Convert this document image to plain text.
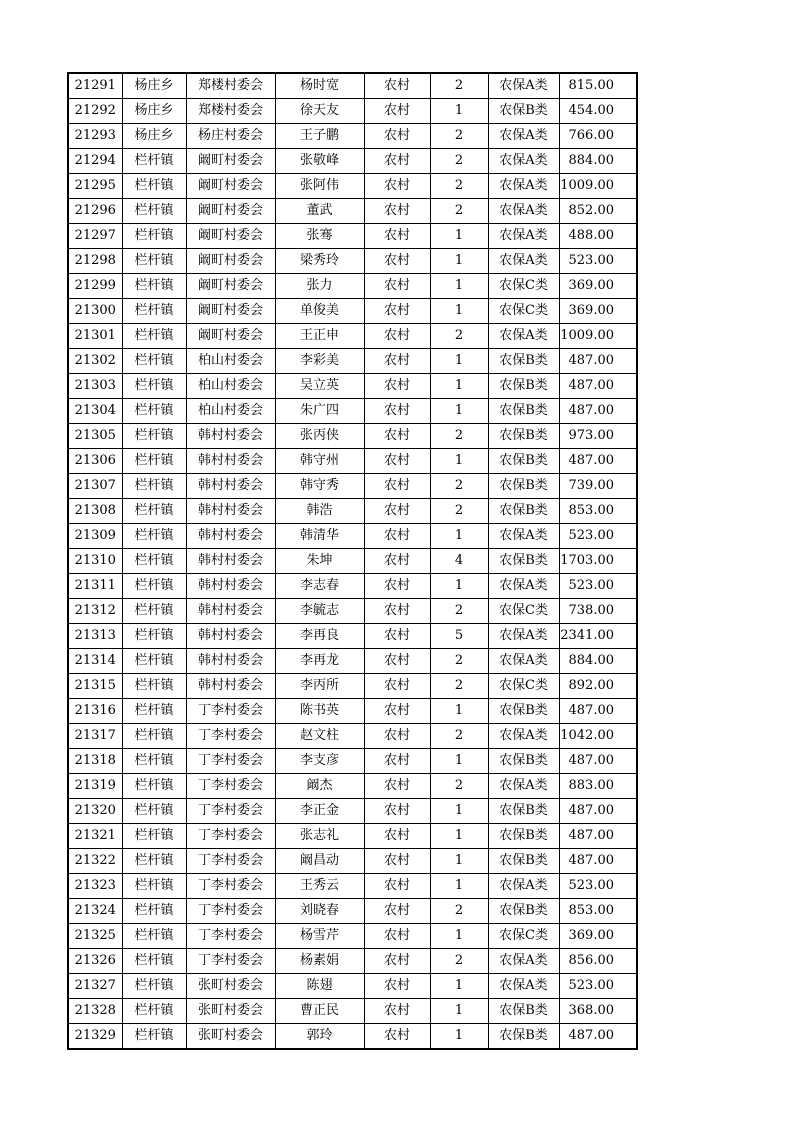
21291	杨庄乡	郑楼村委会	杨时宽	农村	2	农保A类	815.00
21292	杨庄乡	郑楼村委会	徐天友	农村	1	农保B类	454.00
21293	杨庄乡	杨庄村委会	王子鹏	农村	2	农保A类	766.00
21294	栏杆镇	阚町村委会	张敬峰	农村	2	农保A类	884.00
21295	栏杆镇	阚町村委会	张阿伟	农村	2	农保A类	1009.00
21296	栏杆镇	阚町村委会	董武	农村	2	农保A类	852.00
21297	栏杆镇	阚町村委会	张骞	农村	1	农保A类	488.00
21298	栏杆镇	阚町村委会	梁秀玲	农村	1	农保A类	523.00
21299	栏杆镇	阚町村委会	张力	农村	1	农保C类	369.00
21300	栏杆镇	阚町村委会	单俊美	农村	1	农保C类	369.00
21301	栏杆镇	阚町村委会	王正申	农村	2	农保A类	1009.00
21302	栏杆镇	柏山村委会	李彩美	农村	1	农保B类	487.00
21303	栏杆镇	柏山村委会	吴立英	农村	1	农保B类	487.00
21304	栏杆镇	柏山村委会	朱广四	农村	1	农保B类	487.00
21305	栏杆镇	韩村村委会	张丙侠	农村	2	农保B类	973.00
21306	栏杆镇	韩村村委会	韩守州	农村	1	农保B类	487.00
21307	栏杆镇	韩村村委会	韩守秀	农村	2	农保B类	739.00
21308	栏杆镇	韩村村委会	韩浩	农村	2	农保B类	853.00
21309	栏杆镇	韩村村委会	韩清华	农村	1	农保A类	523.00
21310	栏杆镇	韩村村委会	朱坤	农村	4	农保B类	1703.00
21311	栏杆镇	韩村村委会	李志春	农村	1	农保A类	523.00
21312	栏杆镇	韩村村委会	李毓志	农村	2	农保C类	738.00
21313	栏杆镇	韩村村委会	李再良	农村	5	农保A类	2341.00
21314	栏杆镇	韩村村委会	李再龙	农村	2	农保A类	884.00
21315	栏杆镇	韩村村委会	李丙所	农村	2	农保C类	892.00
21316	栏杆镇	丁李村委会	陈书英	农村	1	农保B类	487.00
21317	栏杆镇	丁李村委会	赵文柱	农村	2	农保A类	1042.00
21318	栏杆镇	丁李村委会	李支彦	农村	1	农保B类	487.00
21319	栏杆镇	丁李村委会	阚杰	农村	2	农保A类	883.00
21320	栏杆镇	丁李村委会	李正金	农村	1	农保B类	487.00
21321	栏杆镇	丁李村委会	张志礼	农村	1	农保B类	487.00
21322	栏杆镇	丁李村委会	阚昌动	农村	1	农保B类	487.00
21323	栏杆镇	丁李村委会	王秀云	农村	1	农保A类	523.00
21324	栏杆镇	丁李村委会	刘晓春	农村	2	农保B类	853.00
21325	栏杆镇	丁李村委会	杨雪芹	农村	1	农保C类	369.00
21326	栏杆镇	丁李村委会	杨素娟	农村	2	农保A类	856.00
21327	栏杆镇	张町村委会	陈翅	农村	1	农保A类	523.00
21328	栏杆镇	张町村委会	曹正民	农村	1	农保B类	368.00
21329	栏杆镇	张町村委会	郭玲	农村	1	农保B类	487.00
